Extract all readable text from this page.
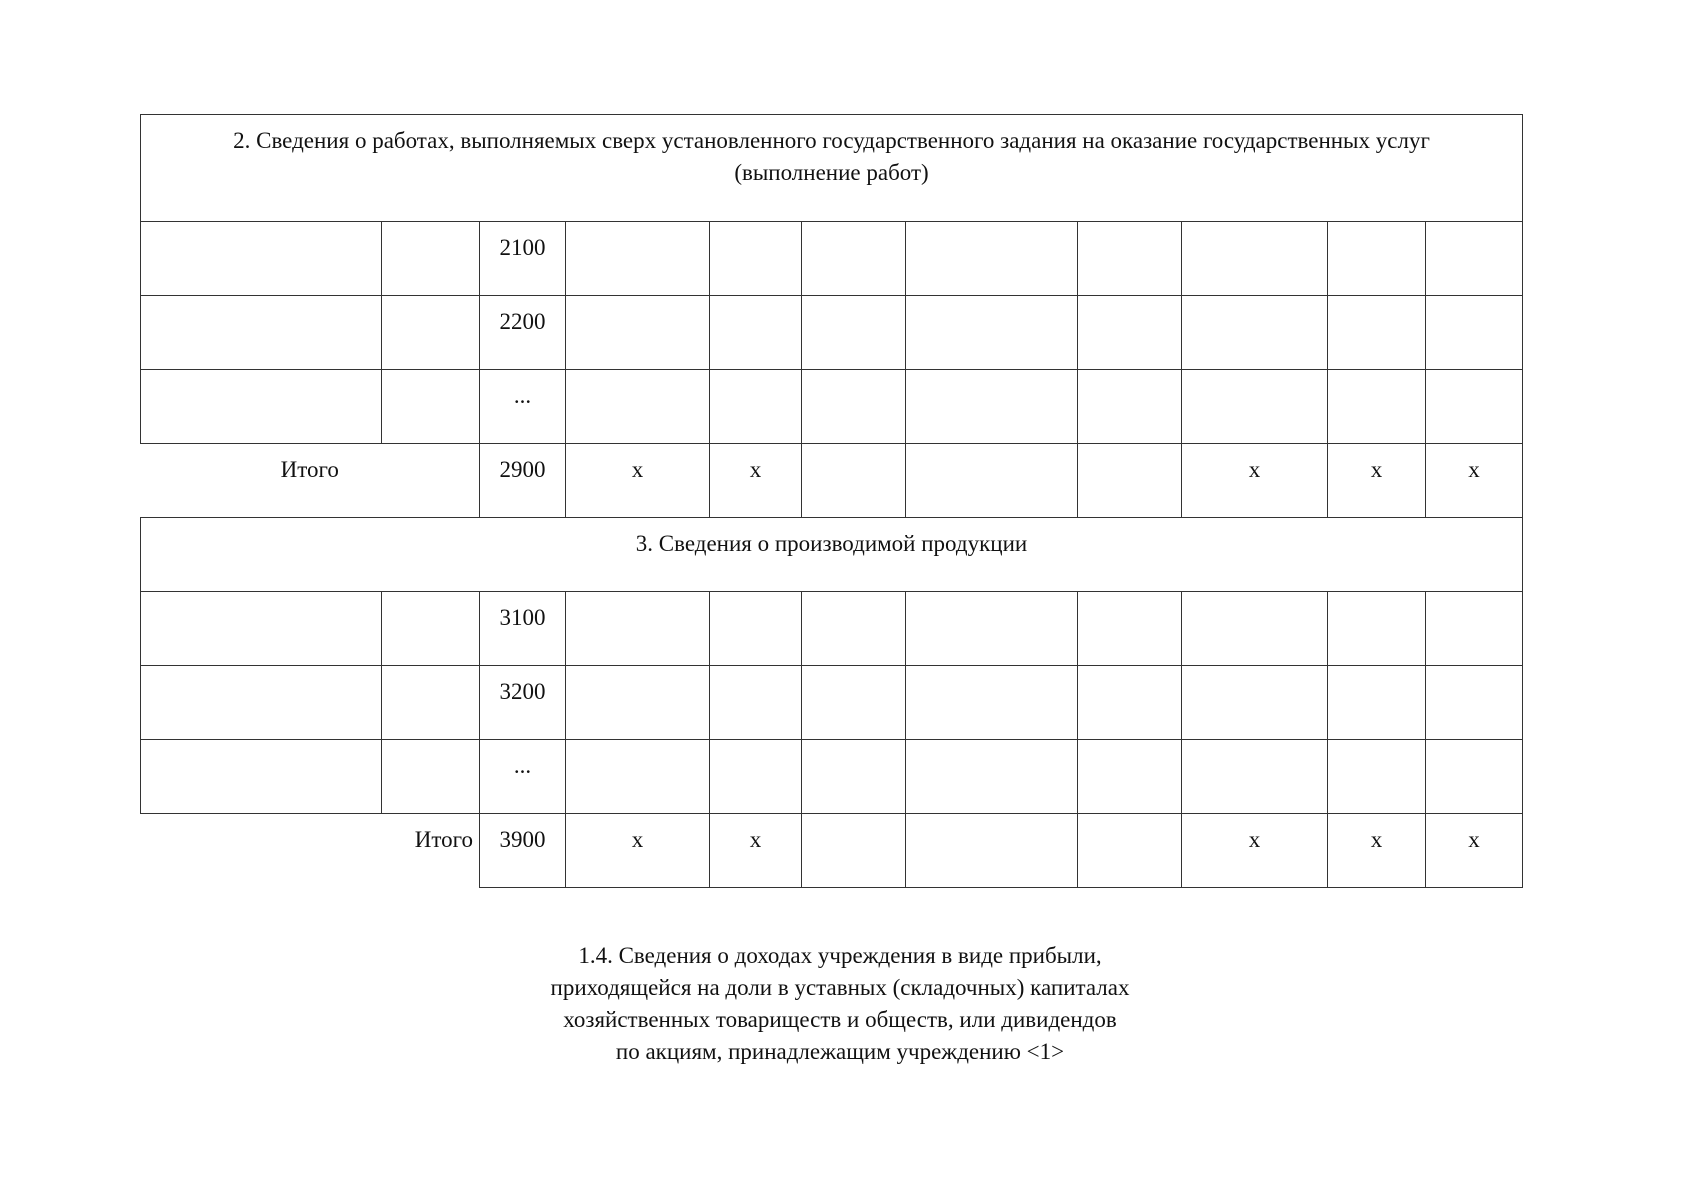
2. Сведения о работах, выполняемых сверх установленного государственного задания на оказание государственных услуг (выполнение работ)										
		2100								
		2200								
		...								
Итого		2900	x	x				x	x	x
3. Сведения о производимой продукции										
		3100								
		3200								
		...								
Итого		3900	x	x				x	x	x
1.4. Сведения о доходах учреждения в виде прибыли,
приходящейся на доли в уставных (складочных) капиталах
хозяйственных товариществ и обществ, или дивидендов
по акциям, принадлежащим учреждению <1>
